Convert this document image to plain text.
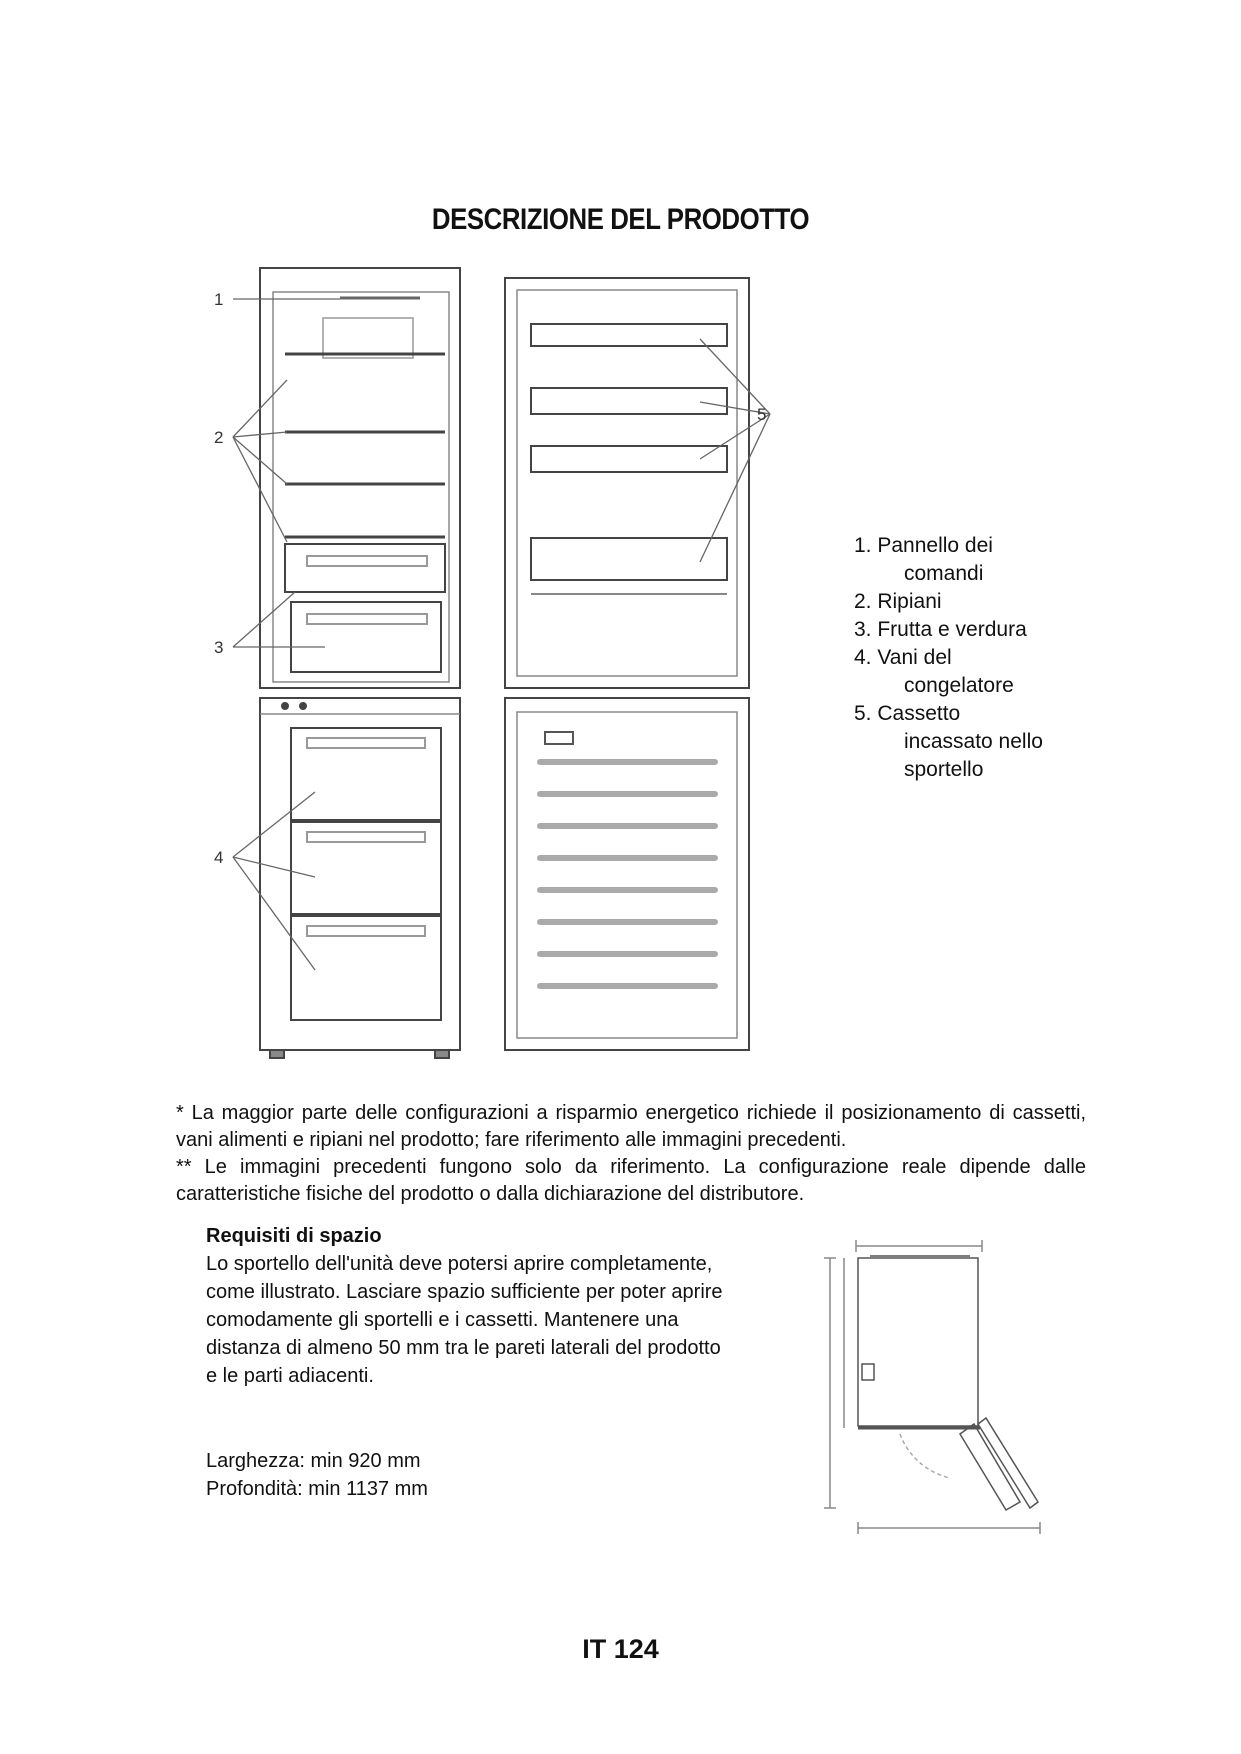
DESCRIZIONE DEL PRODOTTO
1
2
3
4
5
1. Pannello dei
comandi
2. Ripiani
3. Frutta e verdura
4. Vani del
congelatore
5. Cassetto
incassato nello
sportello

* La maggior parte delle configurazioni a risparmio energetico richiede il posizionamento di cassetti, vani alimenti e ripiani nel prodotto; fare riferimento alle immagini precedenti.

** Le immagini precedenti fungono solo da riferimento. La configurazione reale dipende dalle caratteristiche fisiche del prodotto o dalla dichiarazione del distributore.

Requisiti di spazio
Lo sportello dell'unità deve potersi aprire completamente, come illustrato. Lasciare spazio sufficiente per poter aprire comodamente gli sportelli e i cassetti. Mantenere una distanza di almeno 50 mm tra le pareti laterali del prodotto e le parti adiacenti.
Larghezza: min 920 mm
Profondità: min 1137 mm
IT 124
